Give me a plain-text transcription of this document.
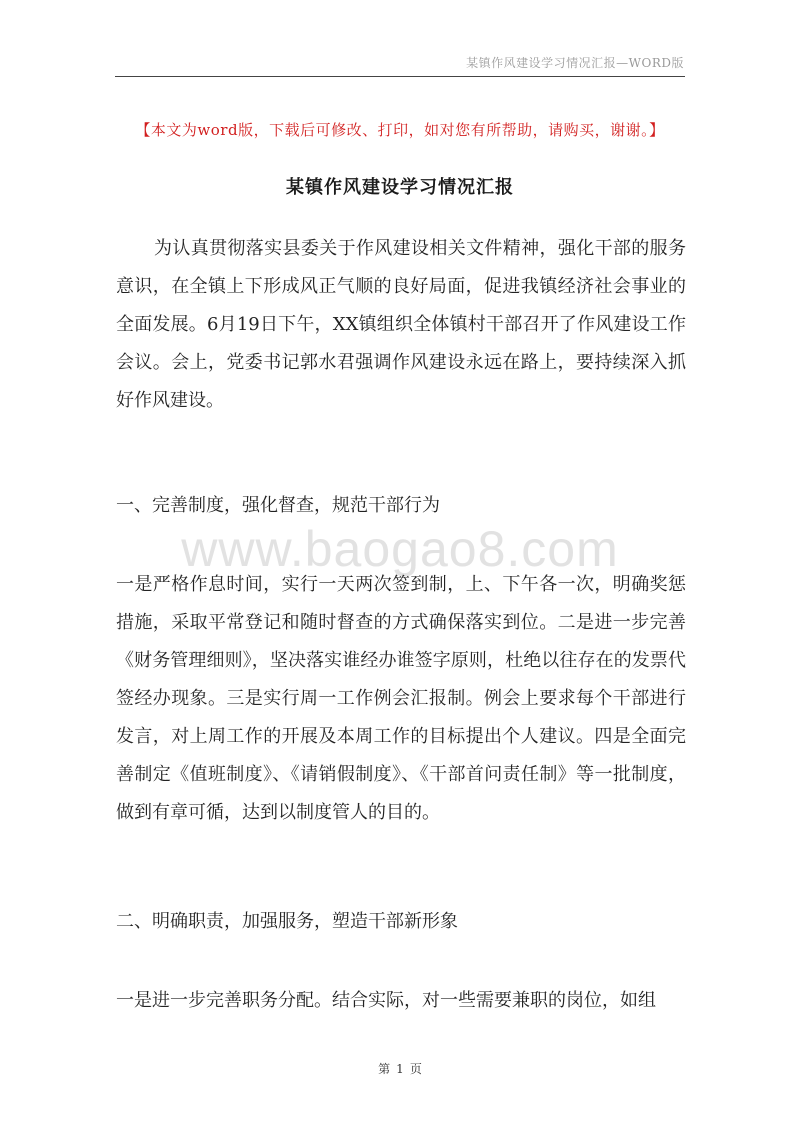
某镇作风建设学习情况汇报—WORD版
【本文为word版，下载后可修改、打印，如对您有所帮助，请购买，谢谢。】
某镇作风建设学习情况汇报

为认真贯彻落实县委关于作风建设相关文件精神，强化干部的服务意识，在全镇上下形成风正气顺的良好局面，促进我镇经济社会事业的全面发展。6月19日下午，XX镇组织全体镇村干部召开了作风建设工作会议。会上，党委书记郭水君强调作风建设永远在路上，要持续深入抓好作风建设。

一、完善制度，强化督查，规范干部行为

www.baogao8.com

一是严格作息时间，实行一天两次签到制，上、下午各一次，明确奖惩措施，采取平常登记和随时督查的方式确保落实到位。二是进一步完善《财务管理细则》，坚决落实谁经办谁签字原则，杜绝以往存在的发票代签经办现象。三是实行周一工作例会汇报制。例会上要求每个干部进行发言，对上周工作的开展及本周工作的目标提出个人建议。四是全面完善制定《值班制度》、《请销假制度》、《干部首问责任制》等一批制度，做到有章可循，达到以制度管人的目的。

二、明确职责，加强服务，塑造干部新形象

一是进一步完善职务分配。结合实际，对一些需要兼职的岗位，如组

第 1 页
